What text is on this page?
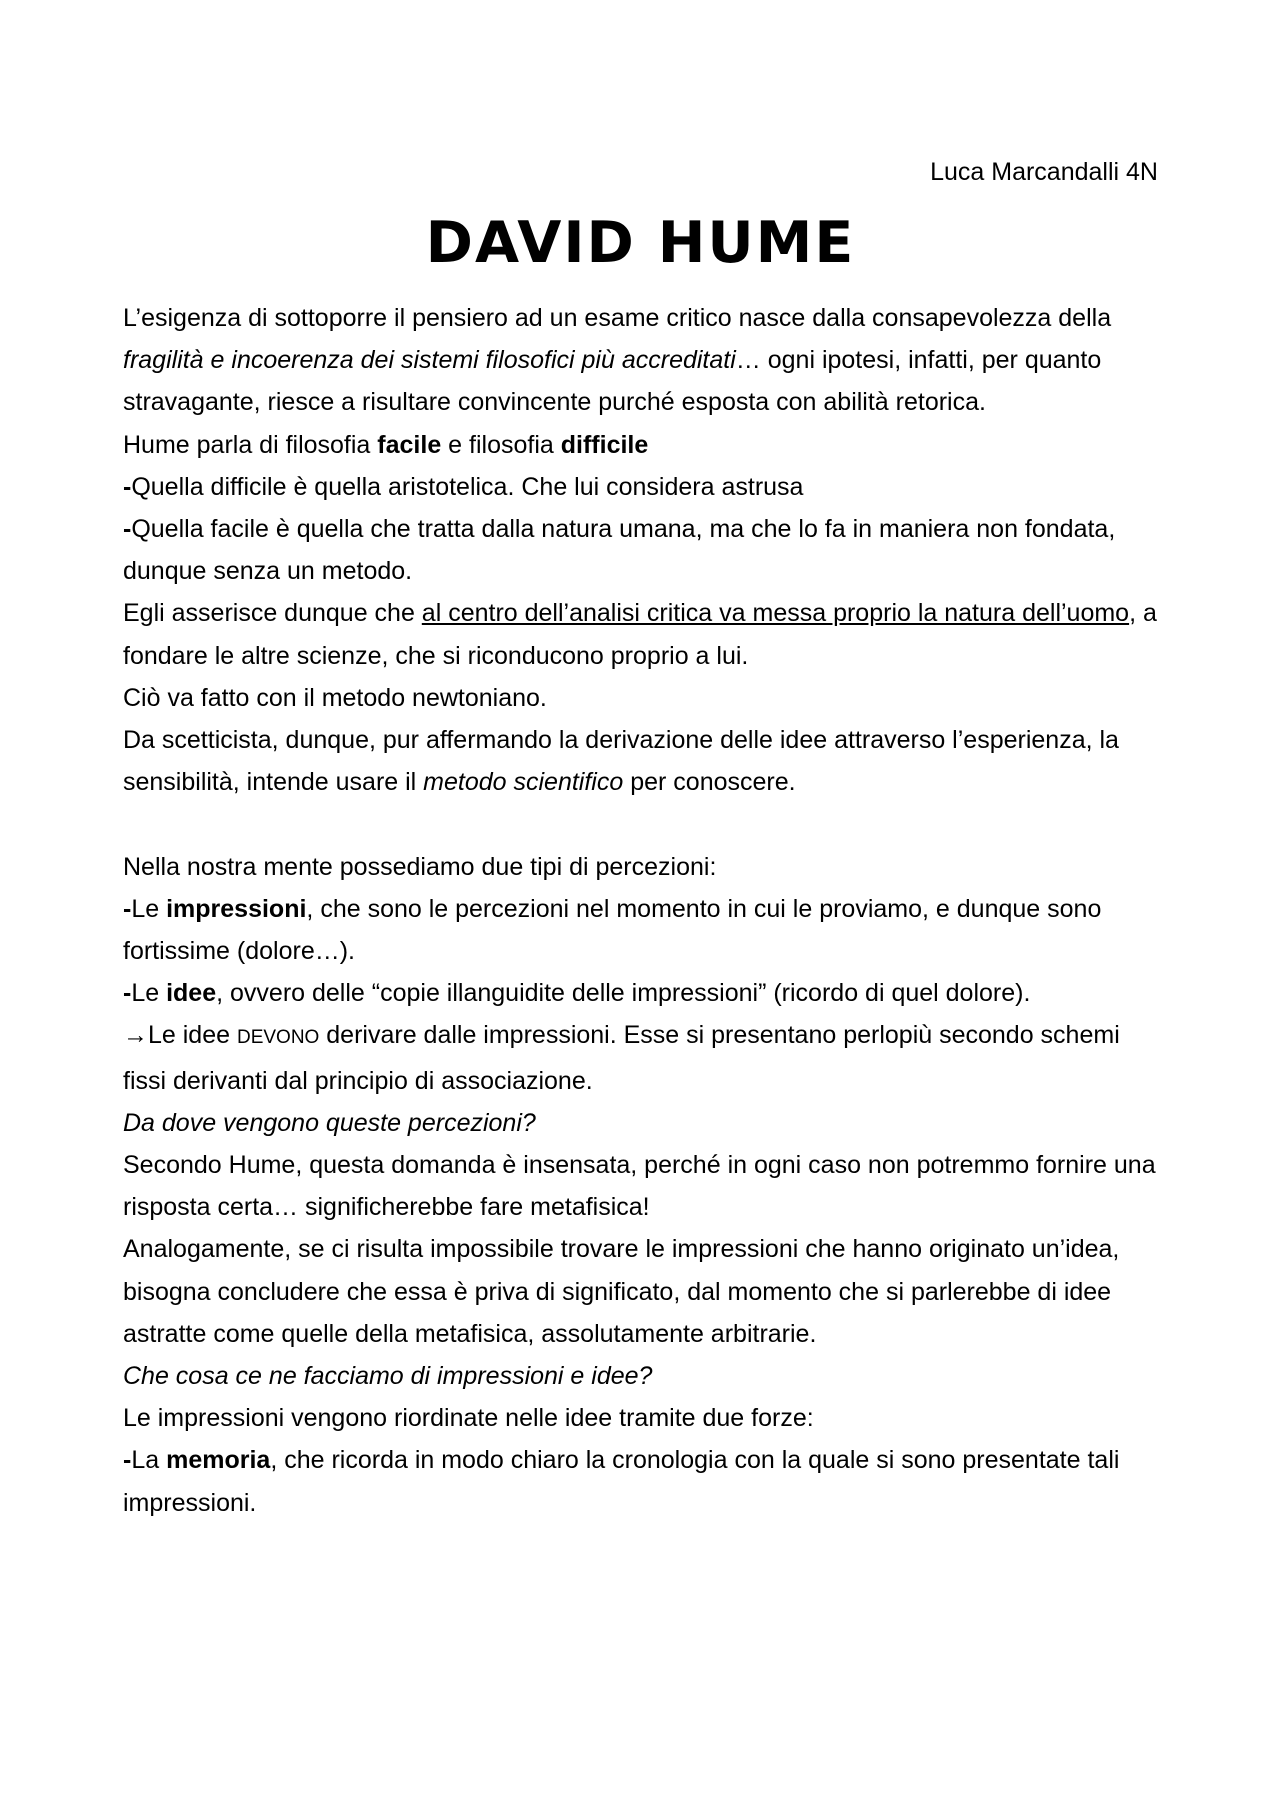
Luca Marcandalli 4N

DAVID HUME

L’esigenza di sottoporre il pensiero ad un esame critico nasce dalla consapevolezza della fragilità e incoerenza dei sistemi filosofici più accreditati… ogni ipotesi, infatti, per quanto stravagante, riesce a risultare convincente purché esposta con abilità retorica.

Hume parla di filosofia facile e filosofia difficile

-Quella difficile è quella aristotelica. Che lui considera astrusa

-Quella facile è quella che tratta dalla natura umana, ma che lo fa in maniera non fondata, dunque senza un metodo.

Egli asserisce dunque che al centro dell’analisi critica va messa proprio la natura dell’uomo, a fondare le altre scienze, che si riconducono proprio a lui.

Ciò va fatto con il metodo newtoniano.

Da scetticista, dunque, pur affermando la derivazione delle idee attraverso l’esperienza, la sensibilità, intende usare il metodo scientifico per conoscere.

Nella nostra mente possediamo due tipi di percezioni:

-Le impressioni, che sono le percezioni nel momento in cui le proviamo, e dunque sono fortissime (dolore…).

-Le idee, ovvero delle “copie illanguidite delle impressioni” (ricordo di quel dolore).

→Le idee DEVONO derivare dalle impressioni. Esse si presentano perlopiù secondo schemi fissi derivanti dal principio di associazione.

Da dove vengono queste percezioni?

Secondo Hume, questa domanda è insensata, perché in ogni caso non potremmo fornire una risposta certa… significherebbe fare metafisica!

Analogamente, se ci risulta impossibile trovare le impressioni che hanno originato un’idea, bisogna concludere che essa è priva di significato, dal momento che si parlerebbe di idee astratte come quelle della metafisica, assolutamente arbitrarie.

Che cosa ce ne facciamo di impressioni e idee?

Le impressioni vengono riordinate nelle idee tramite due forze:

-La memoria, che ricorda in modo chiaro la cronologia con la quale si sono presentate tali impressioni.
